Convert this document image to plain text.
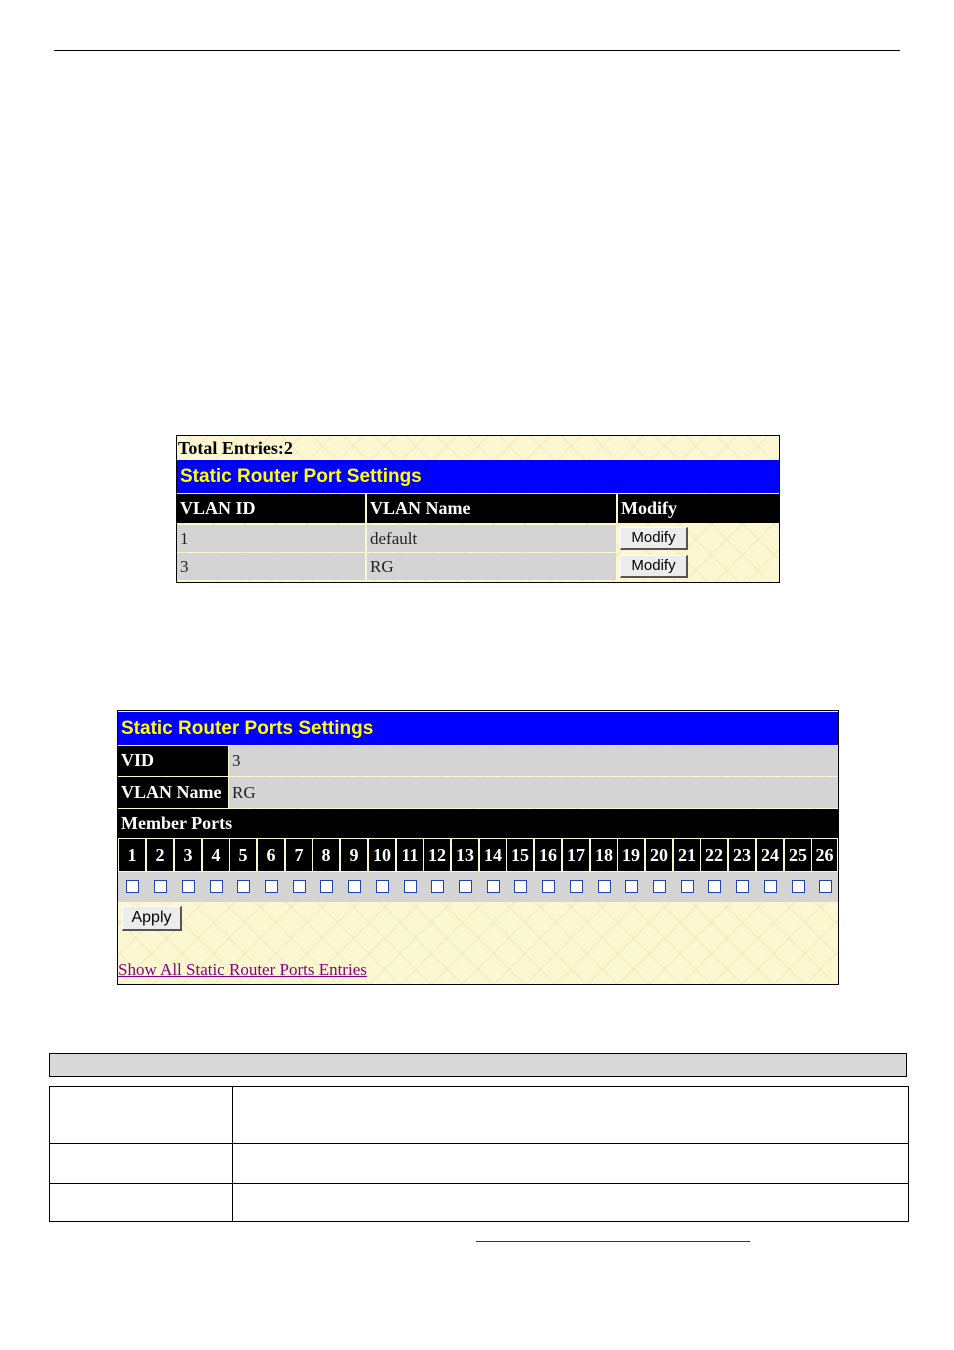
Total Entries:2
Static Router Port Settings
VLAN ID	VLAN Name	Modify
1	default	Modify
3	RG	Modify
Static Router Ports Settings
VID	3
VLAN Name RG
Member Ports
1	2	3	4	5	6	7	8	9 10 11 12 13 14 15 16 17 18 19 20 21 22 23 24 25 26
Apply
Show All Static Router Ports Entries
